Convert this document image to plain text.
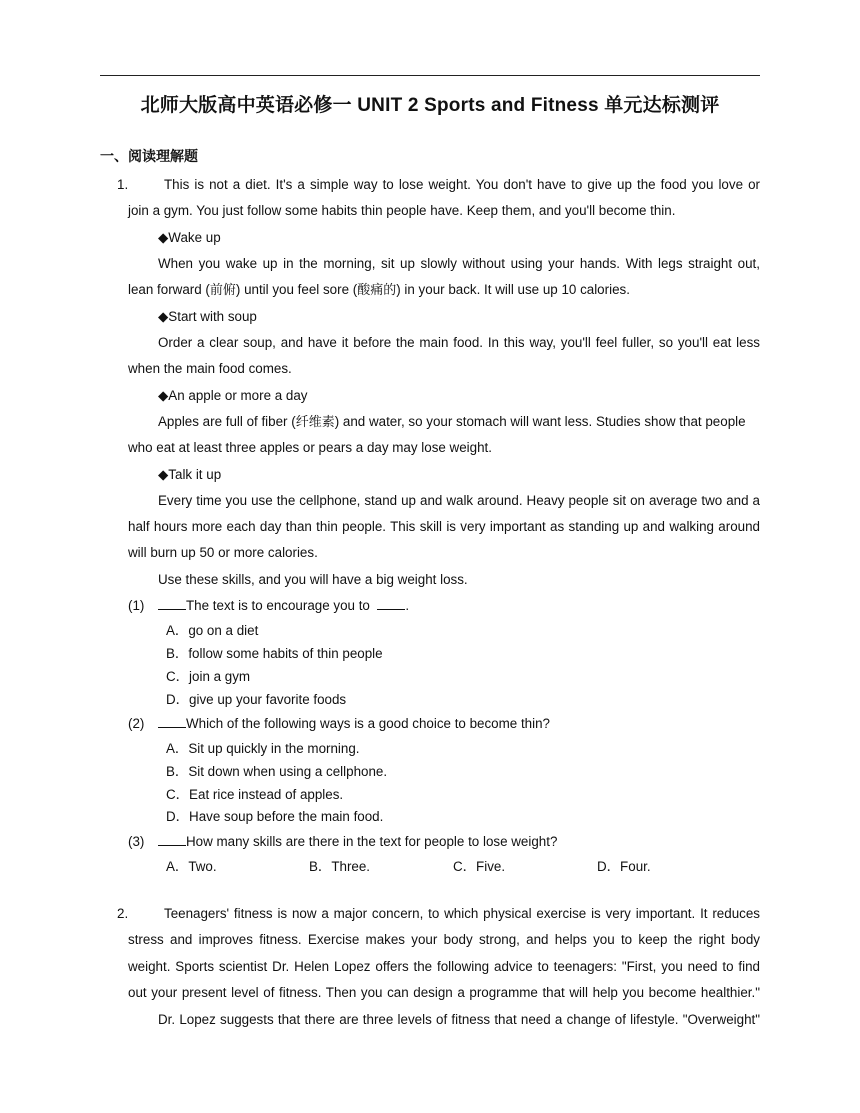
北师大版高中英语必修一 UNIT 2 Sports and Fitness 单元达标测评
一、阅读理解题
1.	This is not a diet. It's a simple way to lose weight. You don't have to give up the food you love or
join a gym. You just follow some habits thin people have. Keep them, and you'll become thin.
◆Wake up
When you wake up in the morning, sit up slowly without using your hands. With legs straight out,
lean forward (前俯) until you feel sore (酸痛的) in your back. It will use up 10 calories.
◆Start with soup
Order a clear soup, and have it before the main food. In this way, you'll feel fuller, so you'll eat less
when the main food comes.
◆An apple or more a day
Apples are full of fiber (纤维素) and water, so your stomach will want less. Studies show that people
who eat at least three apples or pears a day may lose weight.
◆Talk it up
Every time you use the cellphone, stand up and walk around. Heavy people sit on average two and a
half hours more each day than thin people. This skill is very important as standing up and walking around
will burn up 50 or more calories.
Use these skills, and you will have a big weight loss.
(1)	The text is to encourage you to	.
A．go on a diet
B．follow some habits of thin people
C．join a gym
D．give up your favorite foods
(2)	Which of the following ways is a good choice to become thin?
A．Sit up quickly in the morning.
B．Sit down when using a cellphone.
C．Eat rice instead of apples.
D．Have soup before the main food.
(3)	How many skills are there in the text for people to lose weight?
A．Two.	B．Three.	C．Five.	D．Four.
2.	Teenagers' fitness is now a major concern, to which physical exercise is very important. It reduces
stress and improves fitness. Exercise makes your body strong, and helps you to keep the right body
weight. Sports scientist Dr. Helen Lopez offers the following advice to teenagers: "First, you need to find
out your present level of fitness. Then you can design a programme that will help you become healthier."
Dr. Lopez suggests that there are three levels of fitness that need a change of lifestyle. "Overweight"
